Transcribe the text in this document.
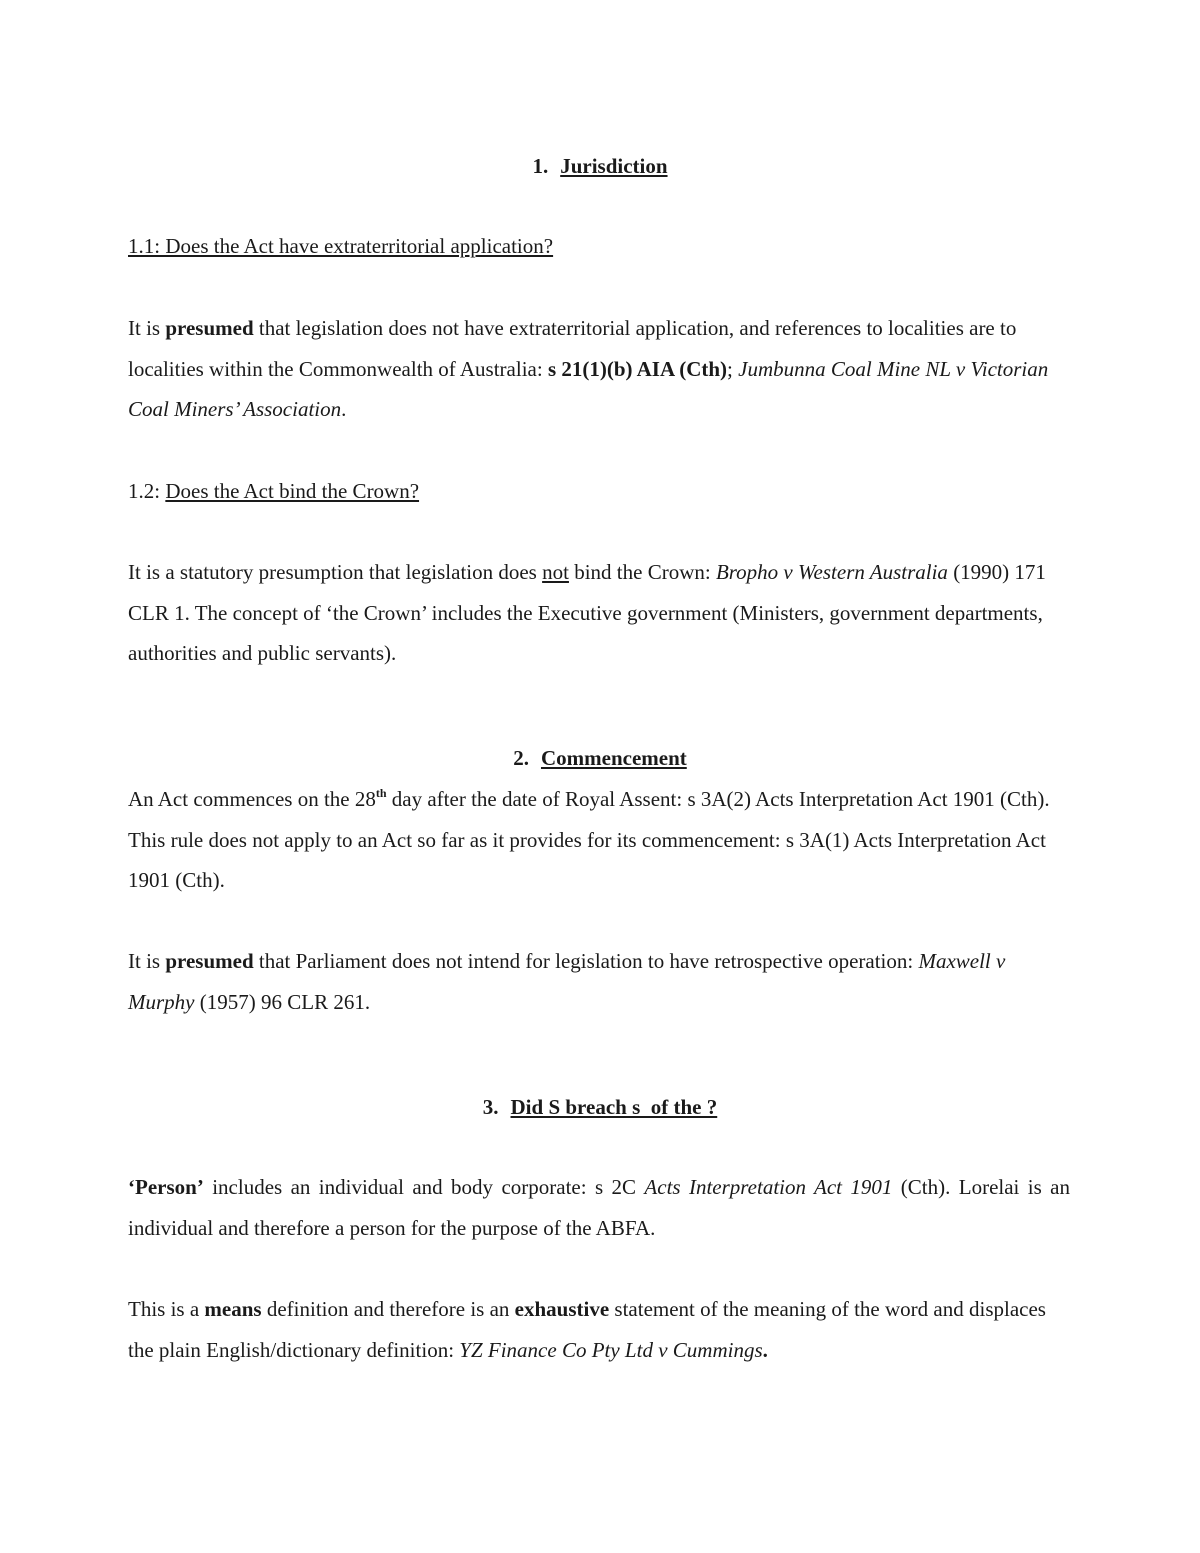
1. Jurisdiction
1.1: Does the Act have extraterritorial application?
It is presumed that legislation does not have extraterritorial application, and references to localities are to localities within the Commonwealth of Australia: s 21(1)(b) AIA (Cth); Jumbunna Coal Mine NL v Victorian Coal Miners’ Association.
1.2: Does the Act bind the Crown?
It is a statutory presumption that legislation does not bind the Crown: Bropho v Western Australia (1990) 171 CLR 1. The concept of ‘the Crown’ includes the Executive government (Ministers, government departments, authorities and public servants).
2. Commencement
An Act commences on the 28th day after the date of Royal Assent: s 3A(2) Acts Interpretation Act 1901 (Cth). This rule does not apply to an Act so far as it provides for its commencement: s 3A(1) Acts Interpretation Act 1901 (Cth).
It is presumed that Parliament does not intend for legislation to have retrospective operation: Maxwell v Murphy (1957) 96 CLR 261.
3. Did S breach s  of the ?
‘Person’ includes an individual and body corporate: s 2C Acts Interpretation Act 1901 (Cth). Lorelai is an individual and therefore a person for the purpose of the ABFA.
This is a means definition and therefore is an exhaustive statement of the meaning of the word and displaces the plain English/dictionary definition: YZ Finance Co Pty Ltd v Cummings.
